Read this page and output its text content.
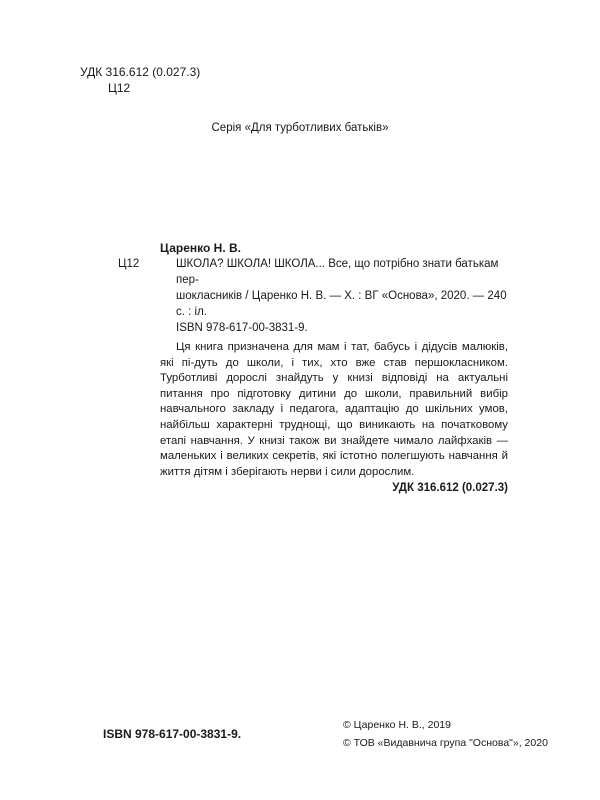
УДК 316.612 (0.027.3)
Ц12
Серія «Для турботливих батьків»
Царенко Н. В.
Ц12	ШКОЛА? ШКОЛА! ШКОЛА... Все, що потрібно знати батькам пер-
шокласників / Царенко Н. В. — Х. : ВГ «Основа», 2020. — 240 с. : іл.
ISBN 978-617-00-3831-9.
Ця книга призначена для мам і тат, бабусь і дідусів малюків, які пі-дуть до школи, і тих, хто вже став першокласником. Турботливі дорослі знайдуть у книзі відповіді на актуальні питання про підготовку дитини до школи, правильний вибір навчального закладу і педагога, адаптацію до шкільних умов, найбільш характерні труднощі, що виникають на початковому етапі навчання. У книзі також ви знайдете чимало лайфхаків — маленьких і великих секретів, які істотно полегшують навчання й життя дітям і зберігають нерви і сили дорослим.
УДК 316.612 (0.027.3)
ISBN 978-617-00-3831-9.
© Царенко Н. В., 2019
© ТОВ «Видавнича група "Основа"», 2020
